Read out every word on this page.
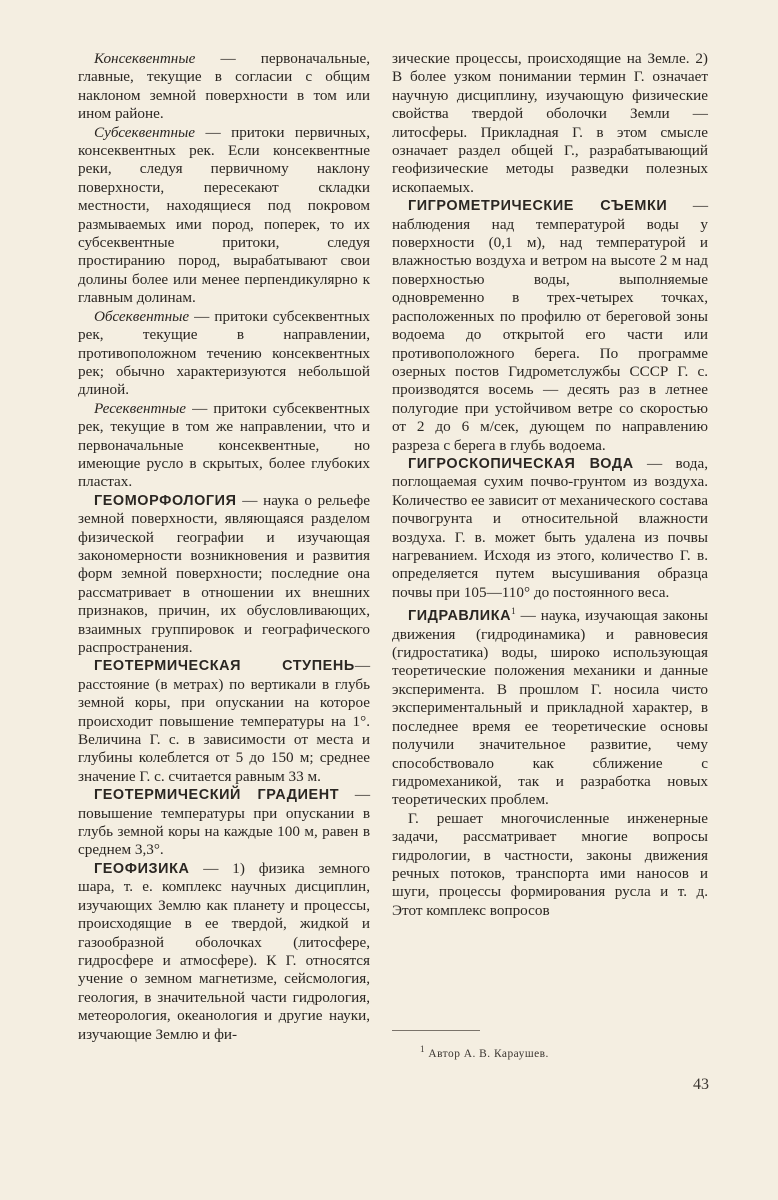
Консеквентные — первоначальные, главные, текущие в согласии с общим наклоном земной поверхности в том или ином районе.

Субсеквентные — притоки первичных, консеквентных рек. Если консеквентные реки, следуя первичному наклону поверхности, пересекают складки местности, находящиеся под покровом размываемых ими пород, поперек, то их субсеквентные притоки, следуя простиранию пород, вырабатывают свои долины более или менее перпендикулярно к главным долинам.

Обсеквентные — притоки субсеквентных рек, текущие в направлении, противоположном течению консеквентных рек; обычно характеризуются небольшой длиной.

Ресеквентные — притоки субсеквентных рек, текущие в том же направлении, что и первоначальные консеквентные, но имеющие русло в скрытых, более глубоких пластах.

ГЕОМОРФОЛОГИЯ — наука о рельефе земной поверхности, являющаяся разделом физической географии и изучающая закономерности возникновения и развития форм земной поверхности; последние она рассматривает в отношении их внешних признаков, причин, их обусловливающих, взаимных группировок и географического распространения.

ГЕОТЕРМИЧЕСКАЯ СТУПЕНЬ— расстояние (в метрах) по вертикали в глубь земной коры, при опускании на которое происходит повышение температуры на 1°. Величина Г. с. в зависимости от места и глубины колеблется от 5 до 150 м; среднее значение Г. с. считается равным 33 м.

ГЕОТЕРМИЧЕСКИЙ ГРАДИЕНТ — повышение температуры при опускании в глубь земной коры на каждые 100 м, равен в среднем 3,3°.

ГЕОФИЗИКА — 1) физика земного шара, т. е. комплекс научных дисциплин, изучающих Землю как планету и процессы, происходящие в ее твердой, жидкой и газообразной оболочках (литосфере, гидросфере и атмосфере). К Г. относятся учение о земном магнетизме, сейсмология, геология, в значительной части гидрология, метеорология, океанология и другие науки, изучающие Землю и фи-

зические процессы, происходящие на Земле. 2) В более узком понимании термин Г. означает научную дисциплину, изучающую физические свойства твердой оболочки Земли — литосферы. Прикладная Г. в этом смысле означает раздел общей Г., разрабатывающий геофизические методы разведки полезных ископаемых.

ГИГРОМЕТРИЧЕСКИЕ СЪЕМКИ — наблюдения над температурой воды у поверхности (0,1 м), над температурой и влажностью воздуха и ветром на высоте 2 м над поверхностью воды, выполняемые одновременно в трех-четырех точках, расположенных по профилю от береговой зоны водоема до открытой его части или противоположного берега. По программе озерных постов Гидрометслужбы СССР Г. с. производятся восемь — десять раз в летнее полугодие при устойчивом ветре со скоростью от 2 до 6 м/сек, дующем по направлению разреза с берега в глубь водоема.

ГИГРОСКОПИЧЕСКАЯ ВОДА — вода, поглощаемая сухим почво-грунтом из воздуха. Количество ее зависит от механического состава почвогрунта и относительной влажности воздуха. Г. в. может быть удалена из почвы нагреванием. Исходя из этого, количество Г. в. определяется путем высушивания образца почвы при 105—110° до постоянного веса.

ГИДРАВЛИКА$^1$ — наука, изучающая законы движения (гидродинамика) и равновесия (гидростатика) воды, широко использующая теоретические положения механики и данные эксперимента. В прошлом Г. носила чисто экспериментальный и прикладной характер, в последнее время ее теоретические основы получили значительное развитие, чему способствовало как сближение с гидромеханикой, так и разработка новых теоретических проблем.

Г. решает многочисленные инженерные задачи, рассматривает многие вопросы гидрологии, в частности, законы движения речных потоков, транспорта ими наносов и шуги, процессы формирования русла и т. д. Этот комплекс вопросов

$^1$ Автор А. В. Караушев.

43
